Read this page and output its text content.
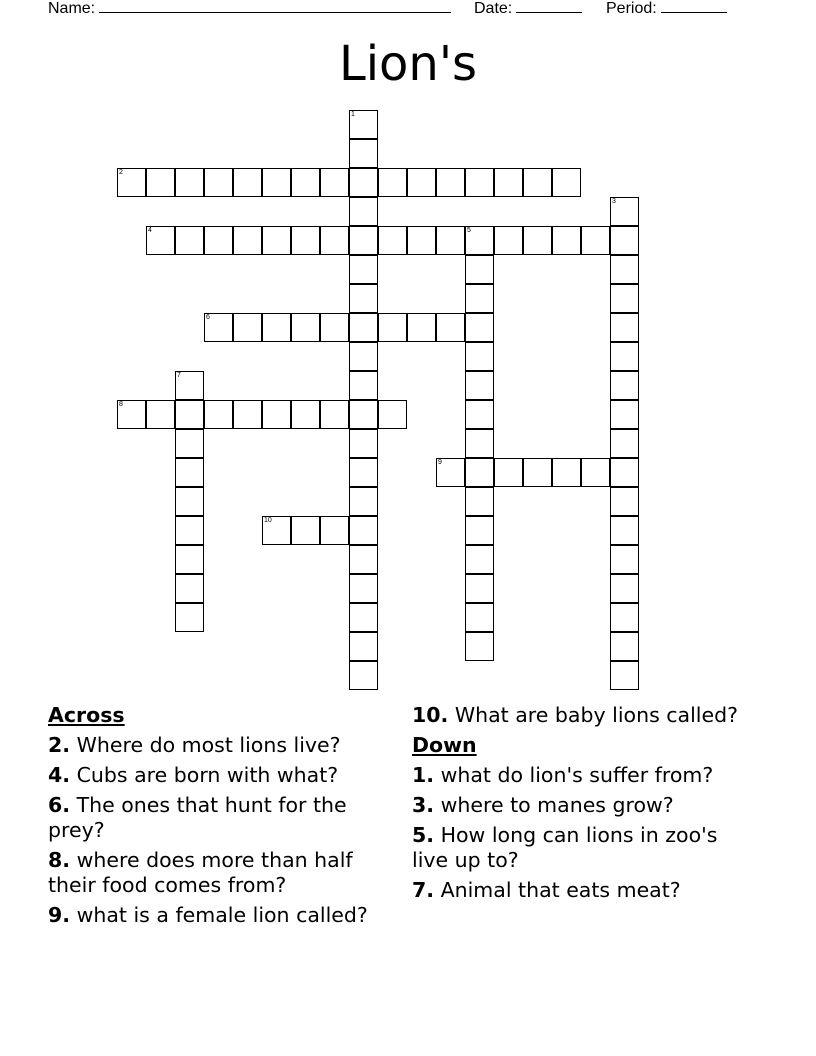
Name:	Date:	Period:
Lion's
1
2
3
4	5
6
7
8
9
10
Across
2. Where do most lions live?
4. Cubs are born with what?
6. The ones that hunt for the prey?
8. where does more than half their food comes from?
9. what is a female lion called?
10. What are baby lions called?
Down
1. what do lion's suffer from?
3. where to manes grow?
5. How long can lions in zoo's live up to?
7. Animal that eats meat?
